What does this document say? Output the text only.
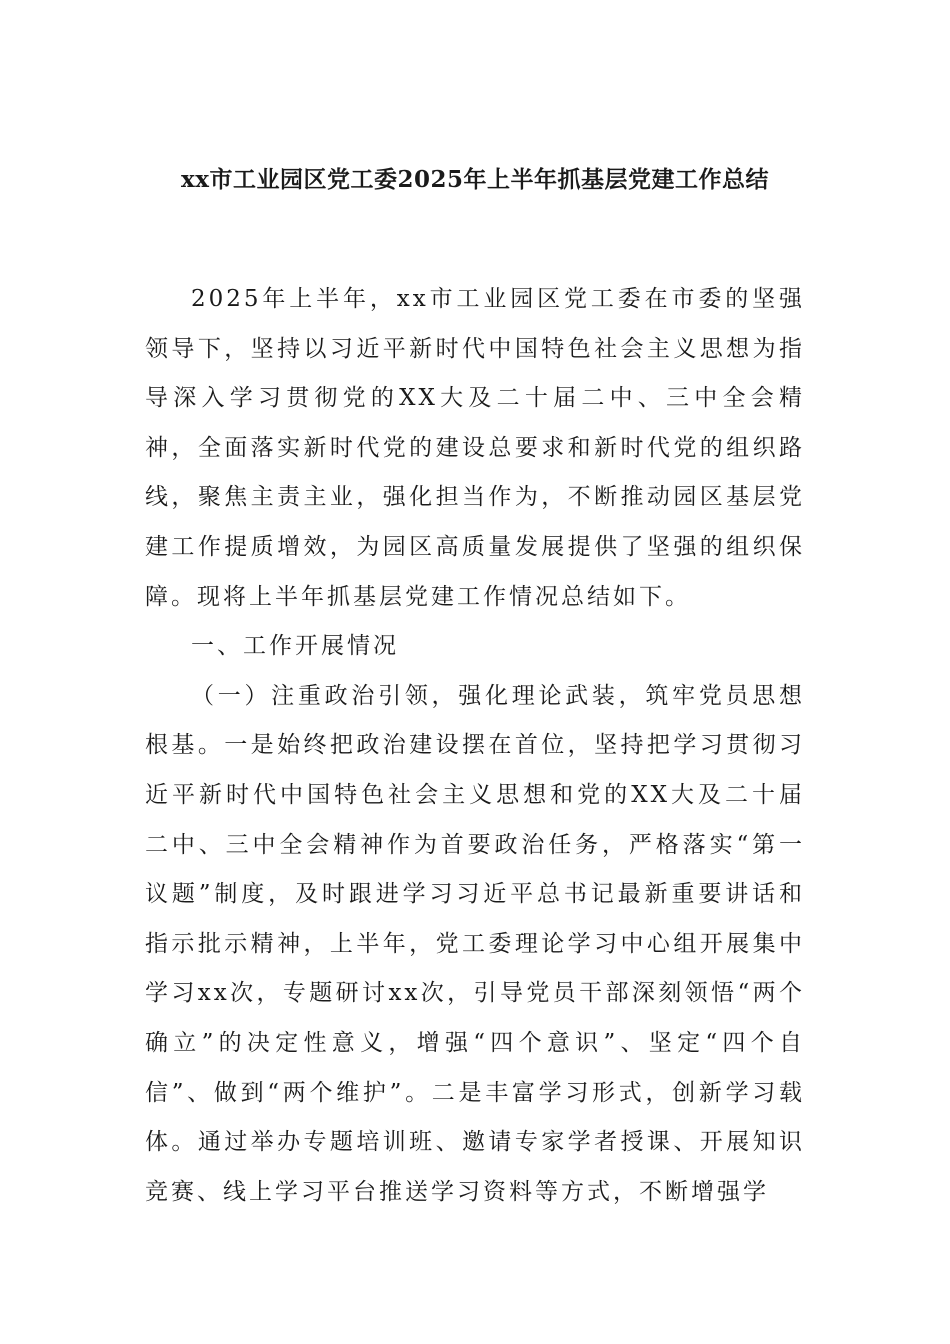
xx市工业园区党工委2025年上半年抓基层党建工作总结

2025年上半年，xx市工业园区党工委在市委的坚强领导下，坚持以习近平新时代中国特色社会主义思想为指导深入学习贯彻党的XX大及二十届二中、三中全会精神，全面落实新时代党的建设总要求和新时代党的组织路线，聚焦主责主业，强化担当作为，不断推动园区基层党建工作提质增效，为园区高质量发展提供了坚强的组织保障。现将上半年抓基层党建工作情况总结如下。

一、工作开展情况

（一）注重政治引领，强化理论武装，筑牢党员思想根基。一是始终把政治建设摆在首位，坚持把学习贯彻习近平新时代中国特色社会主义思想和党的XX大及二十届二中、三中全会精神作为首要政治任务，严格落实“第一议题”制度，及时跟进学习习近平总书记最新重要讲话和指示批示精神，上半年，党工委理论学习中心组开展集中学习xx次，专题研讨xx次，引导党员干部深刻领悟“两个确立”的决定性意义，增强“四个意识”、坚定“四个自信”、做到“两个维护”。二是丰富学习形式，创新学习载体。通过举办专题培训班、邀请专家学者授课、开展知识竞赛、线上学习平台推送学习资料等方式，不断增强学
